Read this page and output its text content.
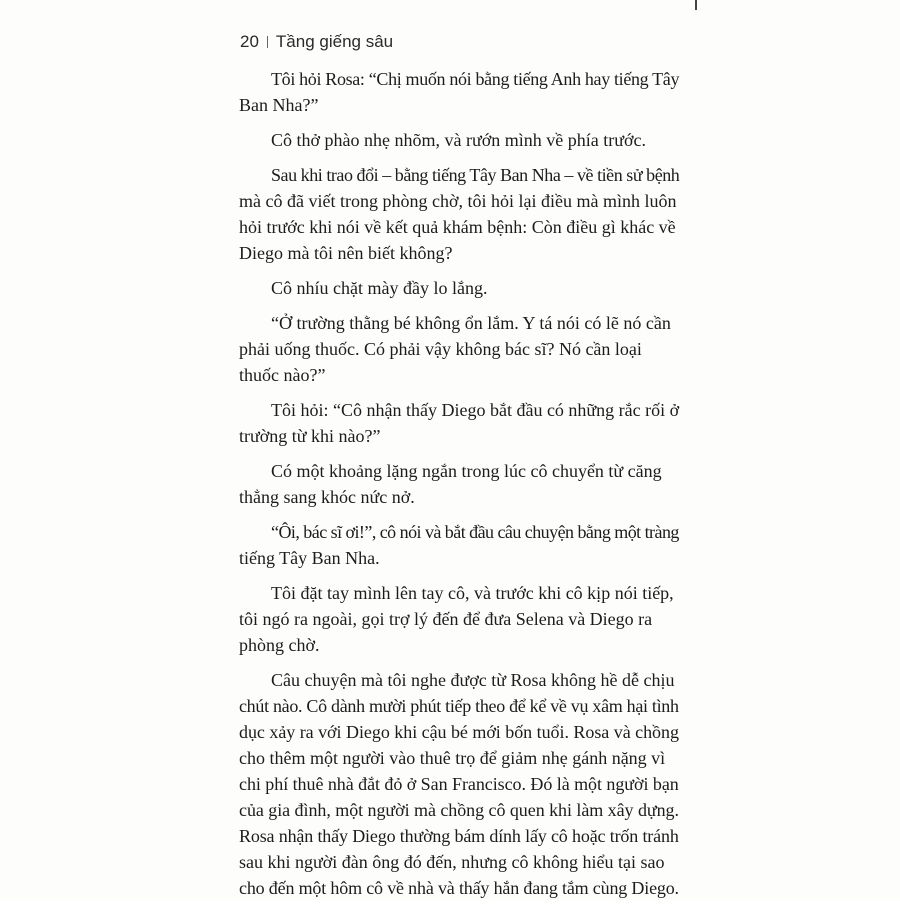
20 Tầng giếng sâu

Tôi hỏi Rosa: “Chị muốn nói bằng tiếng Anh hay tiếng Tây
Ban Nha?”

Cô thở phào nhẹ nhõm, và rướn mình về phía trước.

Sau khi trao đổi – bằng tiếng Tây Ban Nha – về tiền sử bệnh
mà cô đã viết trong phòng chờ, tôi hỏi lại điều mà mình luôn
hỏi trước khi nói về kết quả khám bệnh: Còn điều gì khác về
Diego mà tôi nên biết không?

Cô nhíu chặt mày đầy lo lắng.

“Ở trường thằng bé không ổn lắm. Y tá nói có lẽ nó cần
phải uống thuốc. Có phải vậy không bác sĩ? Nó cần loại
thuốc nào?”

Tôi hỏi: “Cô nhận thấy Diego bắt đầu có những rắc rối ở
trường từ khi nào?”

Có một khoảng lặng ngắn trong lúc cô chuyển từ căng
thẳng sang khóc nức nở.

“Ôi, bác sĩ ơi!”, cô nói và bắt đầu câu chuyện bằng một tràng
tiếng Tây Ban Nha.

Tôi đặt tay mình lên tay cô, và trước khi cô kịp nói tiếp,
tôi ngó ra ngoài, gọi trợ lý đến để đưa Selena và Diego ra
phòng chờ.

Câu chuyện mà tôi nghe được từ Rosa không hề dễ chịu
chút nào. Cô dành mười phút tiếp theo để kể về vụ xâm hại tình
dục xảy ra với Diego khi cậu bé mới bốn tuổi. Rosa và chồng
cho thêm một người vào thuê trọ để giảm nhẹ gánh nặng vì
chi phí thuê nhà đắt đỏ ở San Francisco. Đó là một người bạn
của gia đình, một người mà chồng cô quen khi làm xây dựng.
Rosa nhận thấy Diego thường bám dính lấy cô hoặc trốn tránh
sau khi người đàn ông đó đến, nhưng cô không hiểu tại sao
cho đến một hôm cô về nhà và thấy hắn đang tắm cùng Diego.
